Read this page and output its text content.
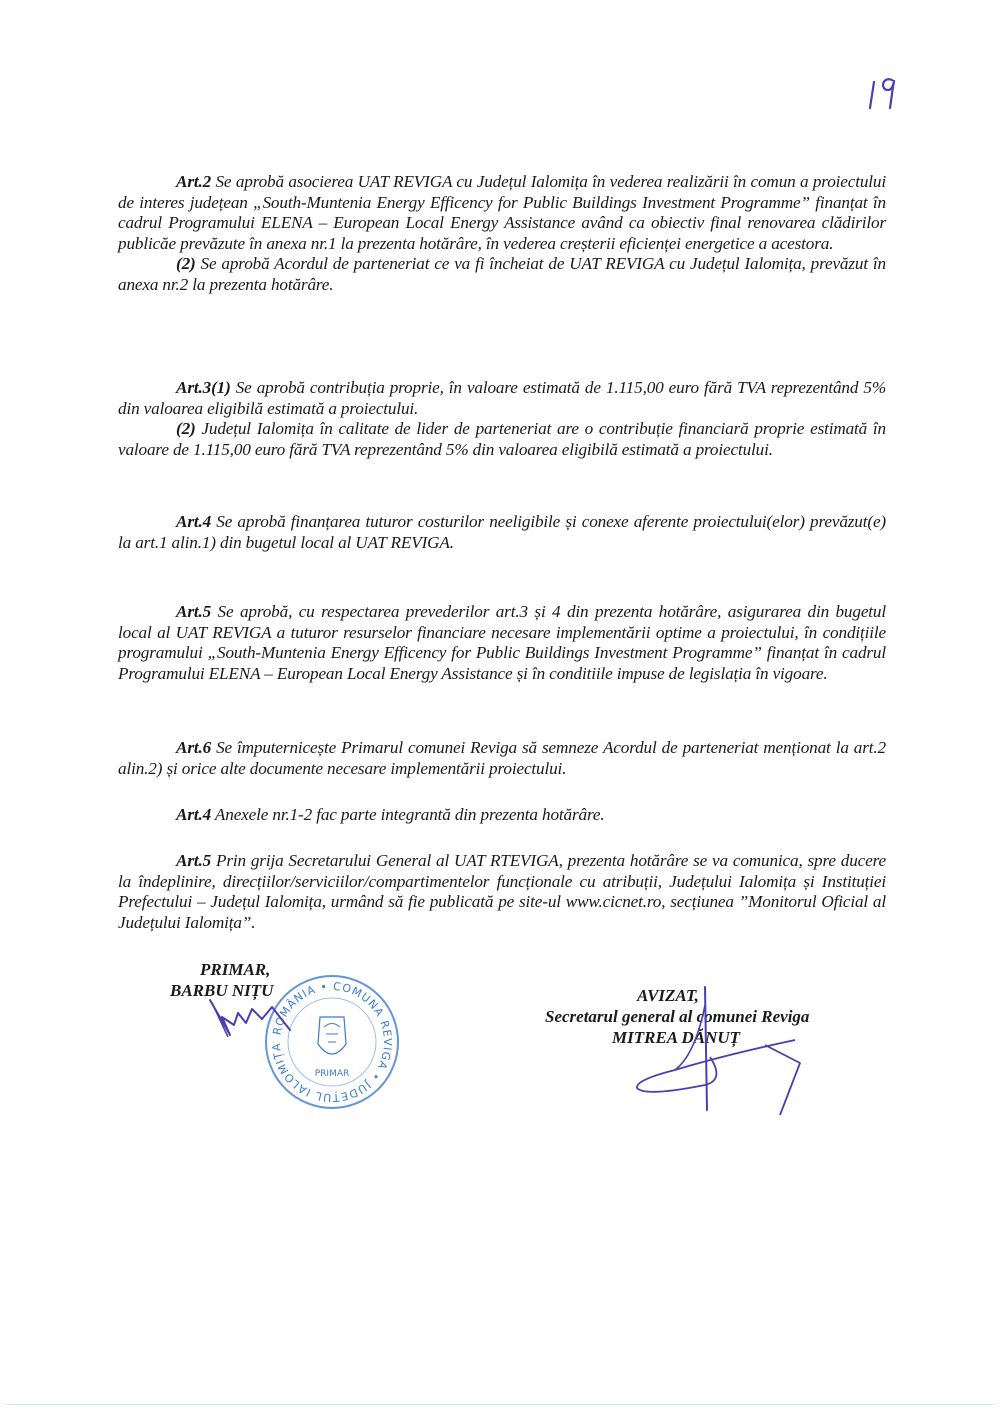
Art.2 Se aprobă asocierea UAT REVIGA cu Județul Ialomița în vederea realizării în comun a proiectului de interes județean „South-Muntenia Energy Efficency for Public Buildings Investment Programme” finanțat în cadrul Programului ELENA – European Local Energy Assistance având ca obiectiv final renovarea clădirilor publicăe prevăzute în anexa nr.1 la prezenta hotărâre, în vederea creșterii eficienței energetice a acestora.

(2) Se aprobă Acordul de parteneriat ce va fi încheiat de UAT REVIGA cu Județul Ialomița, prevăzut în anexa nr.2 la prezenta hotărâre.

Art.3(1) Se aprobă contribuția proprie, în valoare estimată de 1.115,00 euro fără TVA reprezentând 5% din valoarea eligibilă estimată a proiectului.

(2) Județul Ialomița în calitate de lider de parteneriat are o contribuție financiară proprie estimată în valoare de 1.115,00 euro fără TVA reprezentând 5% din valoarea eligibilă estimată a proiectului.

Art.4 Se aprobă finanțarea tuturor costurilor neeligibile și conexe aferente proiectului(elor) prevăzut(e) la art.1 alin.1) din bugetul local al UAT REVIGA.

Art.5 Se aprobă, cu respectarea prevederilor art.3 și 4 din prezenta hotărâre, asigurarea din bugetul local al UAT REVIGA a tuturor resurselor financiare necesare implementării optime a proiectului, în condițiile programului „South-Muntenia Energy Efficency for Public Buildings Investment Programme” finanțat în cadrul Programului ELENA – European Local Energy Assistance și în conditiile impuse de legislația în vigoare.

Art.6 Se împuternicește Primarul comunei Reviga să semneze Acordul de parteneriat menționat la art.2 alin.2) și orice alte documente necesare implementării proiectului.

Art.4 Anexele nr.1-2 fac parte integrantă din prezenta hotărâre.

Art.5 Prin grija Secretarului General al UAT RTEVIGA, prezenta hotărâre se va comunica, spre ducere la îndeplinire, direcțiilor/serviciilor/compartimentelor funcționale cu atribuții, Județului Ialomița și Instituției Prefectului – Județul Ialomița, urmând să fie publicată pe site-ul www.cicnet.ro, secțiunea ”Monitorul Oficial al Județului Ialomița”.

PRIMAR,
BARBU NIȚU
ROMÂNIA • COMUNA REVIGA • JUDEȚUL IALOMIȚA
PRIMAR
AVIZAT,
Secretarul general al comunei Reviga
MITREA DĂNUȚ
